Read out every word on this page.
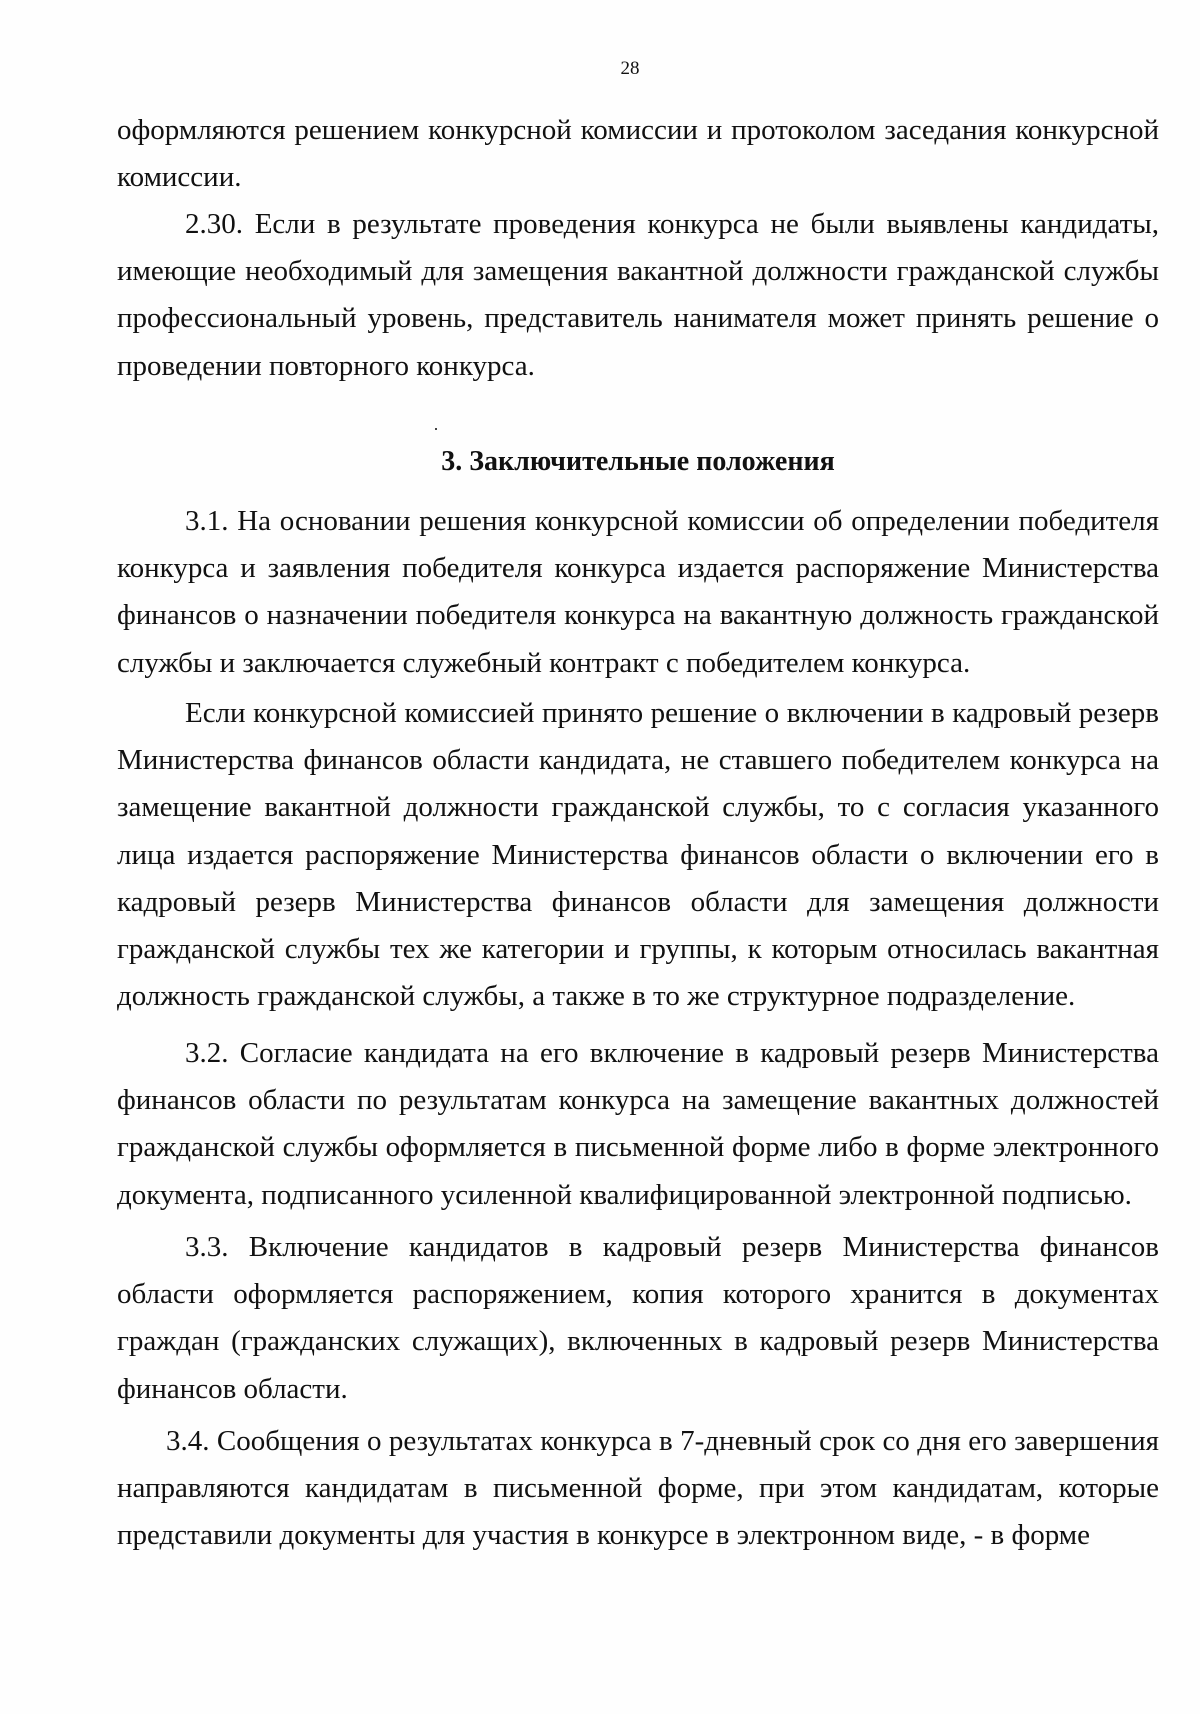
28

оформляются решением конкурсной комиссии и протоколом заседания конкурсной комиссии.

2.30. Если в результате проведения конкурса не были выявлены кандидаты, имеющие необходимый для замещения вакантной должности гражданской службы профессиональный уровень, представитель нанимателя может принять решение о проведении повторного конкурса.

3. Заключительные положения

3.1. На основании решения конкурсной комиссии об определении победителя конкурса и заявления победителя конкурса издается распоряжение Министерства финансов о назначении победителя конкурса на вакантную должность гражданской службы и заключается служебный контракт с победителем конкурса.

Если конкурсной комиссией принято решение о включении в кадровый резерв Министерства финансов области кандидата, не ставшего победителем конкурса на замещение вакантной должности гражданской службы, то с согласия указанного лица издается распоряжение Министерства финансов области о включении его в кадровый резерв Министерства финансов области для замещения должности гражданской службы тех же категории и группы, к которым относилась вакантная должность гражданской службы, а также в то же структурное подразделение.

3.2. Согласие кандидата на его включение в кадровый резерв Министерства финансов области по результатам конкурса на замещение вакантных должностей гражданской службы оформляется в письменной форме либо в форме электронного документа, подписанного усиленной квалифицированной электронной подписью.

3.3. Включение кандидатов в кадровый резерв Министерства финансов области оформляется распоряжением, копия которого хранится в документах граждан (гражданских служащих), включенных в кадровый резерв Министерства финансов области.

3.4. Сообщения о результатах конкурса в 7-дневный срок со дня его завершения направляются кандидатам в письменной форме, при этом кандидатам, которые представили документы для участия в конкурсе в электронном виде, - в форме
